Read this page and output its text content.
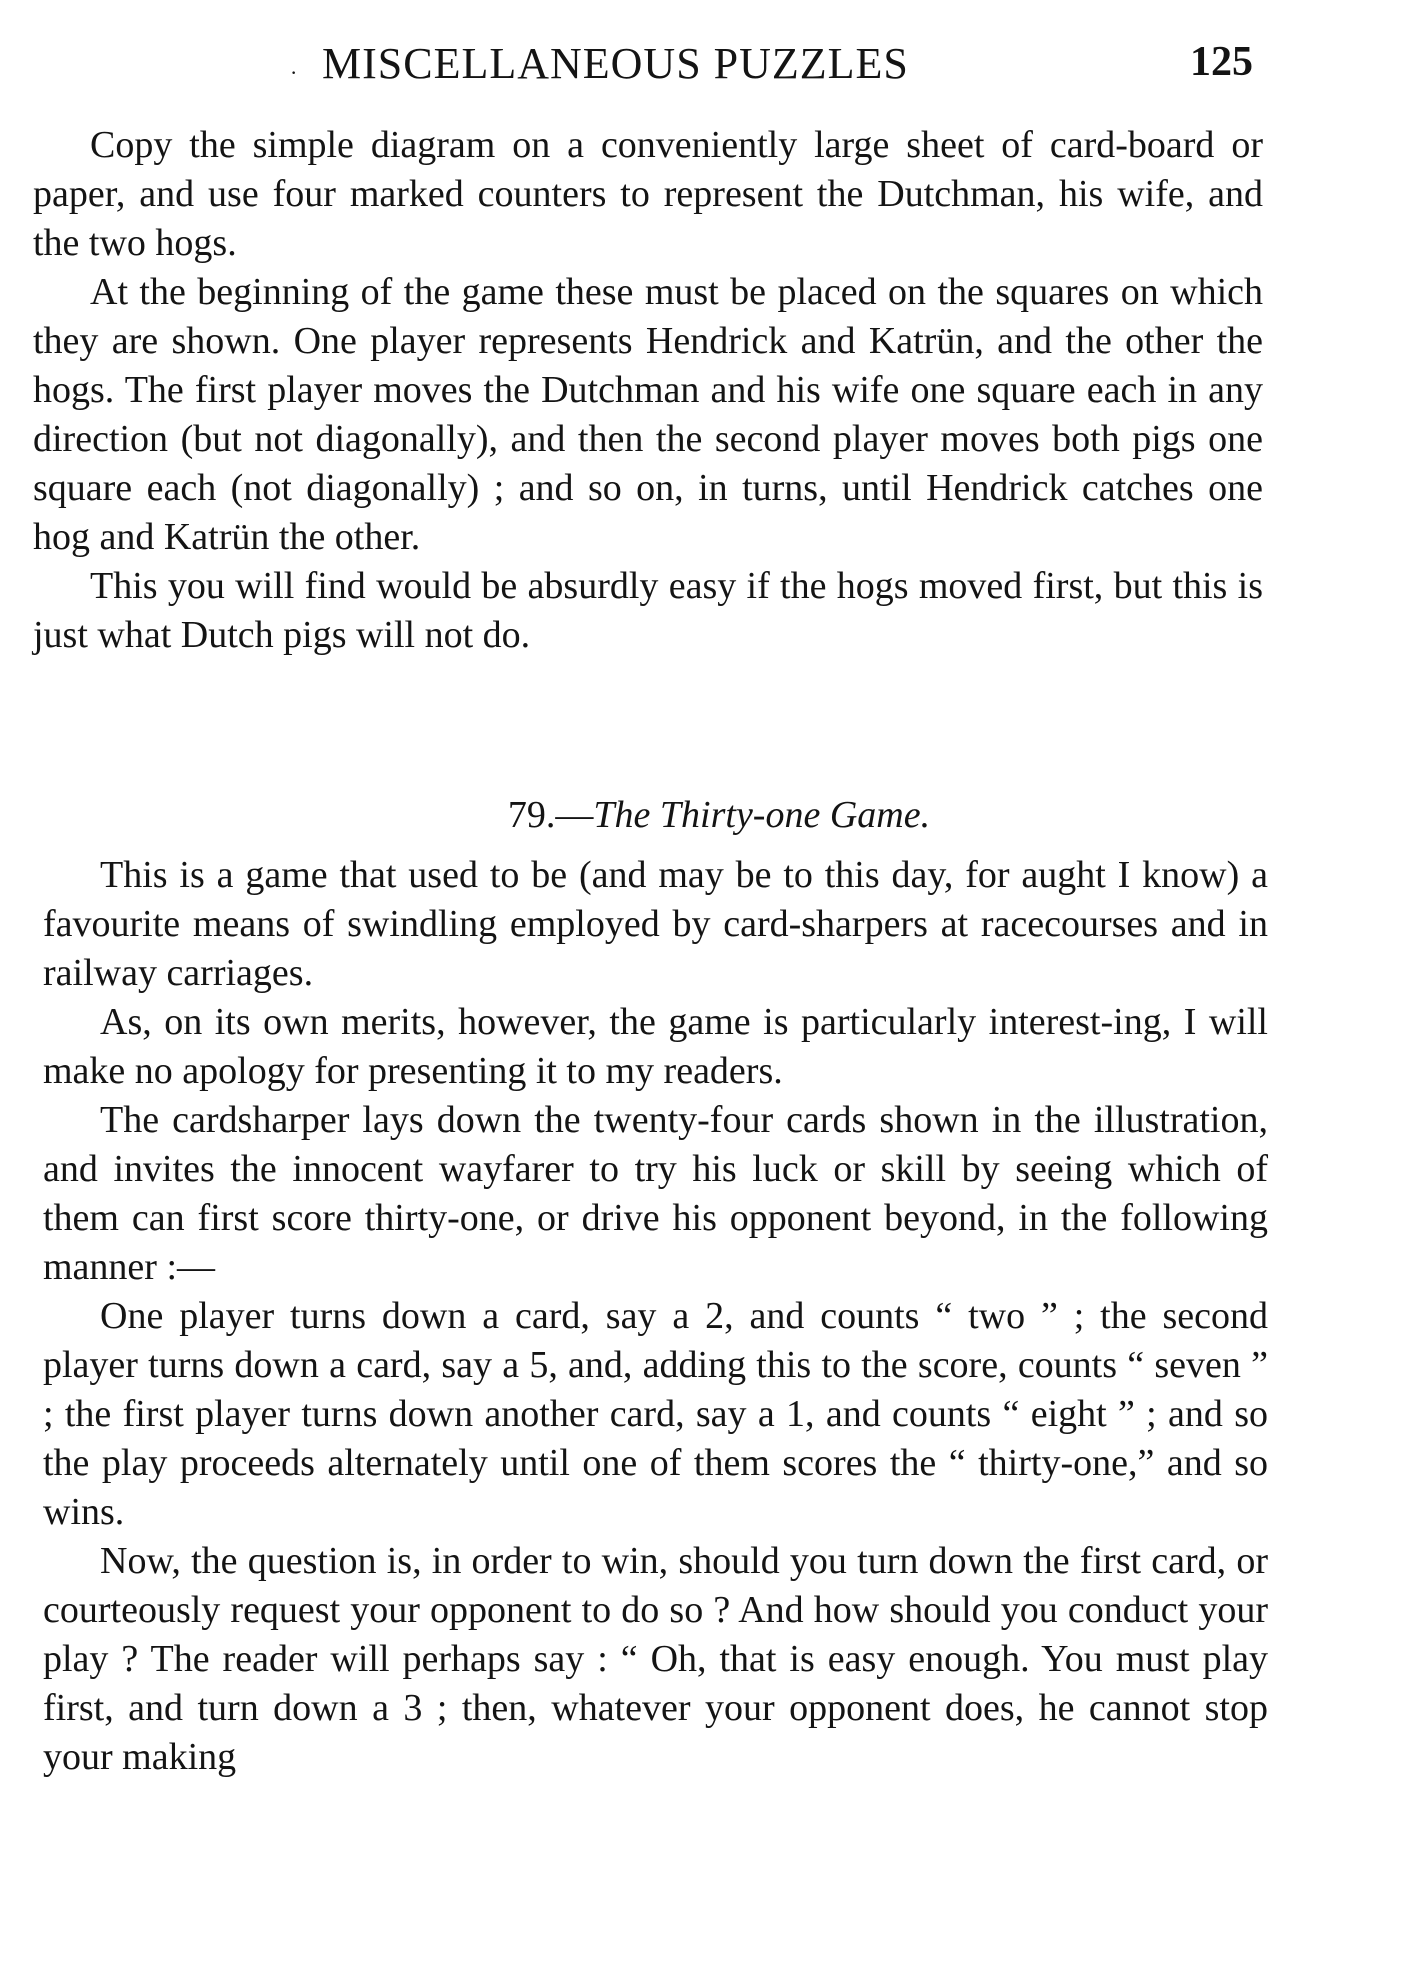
· MISCELLANEOUS PUZZLES	125

Copy the simple diagram on a conveniently large sheet of card-board or paper, and use four marked counters to represent the Dutchman, his wife, and the two hogs.

At the beginning of the game these must be placed on the squares on which they are shown. One player represents Hendrick and Katrün, and the other the hogs. The first player moves the Dutchman and his wife one square each in any direction (but not diagonally), and then the second player moves both pigs one square each (not diagonally) ; and so on, in turns, until Hendrick catches one hog and Katrün the other.

This you will find would be absurdly easy if the hogs moved first, but this is just what Dutch pigs will not do.

79.—The Thirty-one Game.

This is a game that used to be (and may be to this day, for aught I know) a favourite means of swindling employed by card-sharpers at racecourses and in railway carriages.

As, on its own merits, however, the game is particularly interest-ing, I will make no apology for presenting it to my readers.

The cardsharper lays down the twenty-four cards shown in the illustration, and invites the innocent wayfarer to try his luck or skill by seeing which of them can first score thirty-one, or drive his opponent beyond, in the following manner :—

One player turns down a card, say a 2, and counts “ two ” ; the second player turns down a card, say a 5, and, adding this to the score, counts “ seven ” ; the first player turns down another card, say a 1, and counts “ eight ” ; and so the play proceeds alternately until one of them scores the “ thirty-one,” and so wins.

Now, the question is, in order to win, should you turn down the first card, or courteously request your opponent to do so ? And how should you conduct your play ? The reader will perhaps say : “ Oh, that is easy enough. You must play first, and turn down a 3 ; then, whatever your opponent does, he cannot stop your making
